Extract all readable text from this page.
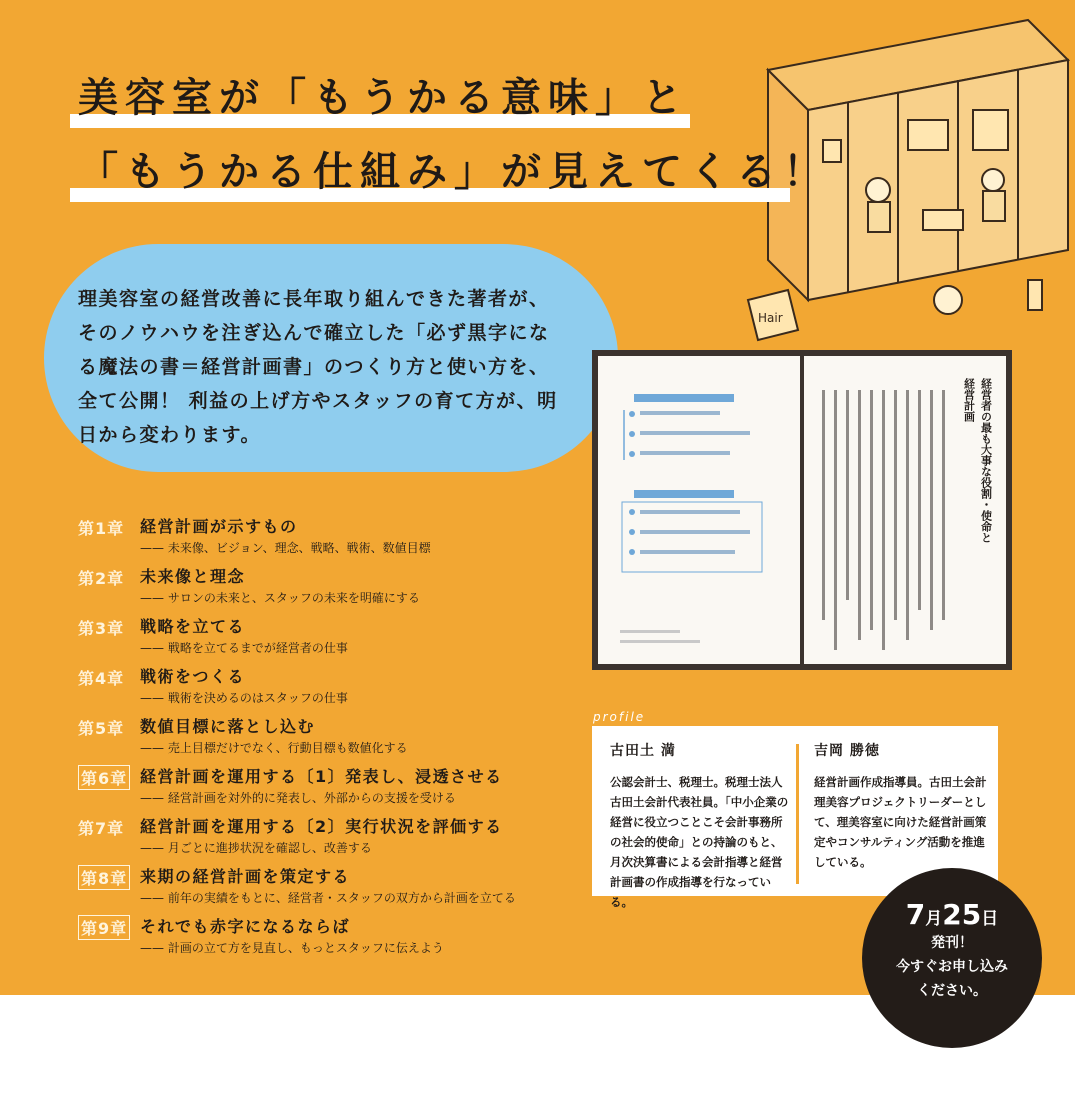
美容室が「もうかる意味」と
「もうかる仕組み」が見えてくる！
Hair
理美容室の経営改善に長年取り組んできた著者が、そのノウハウを注ぎ込んで確立した「必ず黒字になる魔法の書＝経営計画書」のつくり方と使い方を、全て公開！ 利益の上げ方やスタッフの育て方が、明日から変わります。	経営者の最も大事な役割・使命と
経営計画
第1章 経営計画が示すもの
—— 未来像、ビジョン、理念、戦略、戦術、数値目標
第2章 未来像と理念
—— サロンの未来と、スタッフの未来を明確にする
第3章 戦略を立てる
—— 戦略を立てるまでが経営者の仕事
第4章 戦術をつくる
—— 戦術を決めるのはスタッフの仕事
第5章 数値目標に落とし込む
—— 売上目標だけでなく、行動目標も数値化する
第6章 経営計画を運用する〔1〕発表し、浸透させる
—— 経営計画を対外的に発表し、外部からの支援を受ける
第7章 経営計画を運用する〔2〕実行状況を評価する
—— 月ごとに進捗状況を確認し、改善する
第8章 来期の経営計画を策定する
—— 前年の実績をもとに、経営者・スタッフの双方から計画を立てる
第9章 それでも赤字になるならば
—— 計画の立て方を見直し、もっとスタッフに伝えよう
profile
古田土 満
公認会計士、税理士。税理士法人古田土会計代表社員。「中小企業の経営に役立つことこそ会計事務所の社会的使命」との持論のもと、月次決算書による会計指導と経営計画書の作成指導を行なっている。
吉岡 勝徳
経営計画作成指導員。古田土会計理美容プロジェクトリーダーとして、理美容室に向けた経営計画策定やコンサルティング活動を推進している。
7月25日
発刊！
今すぐお申し込み
ください。
